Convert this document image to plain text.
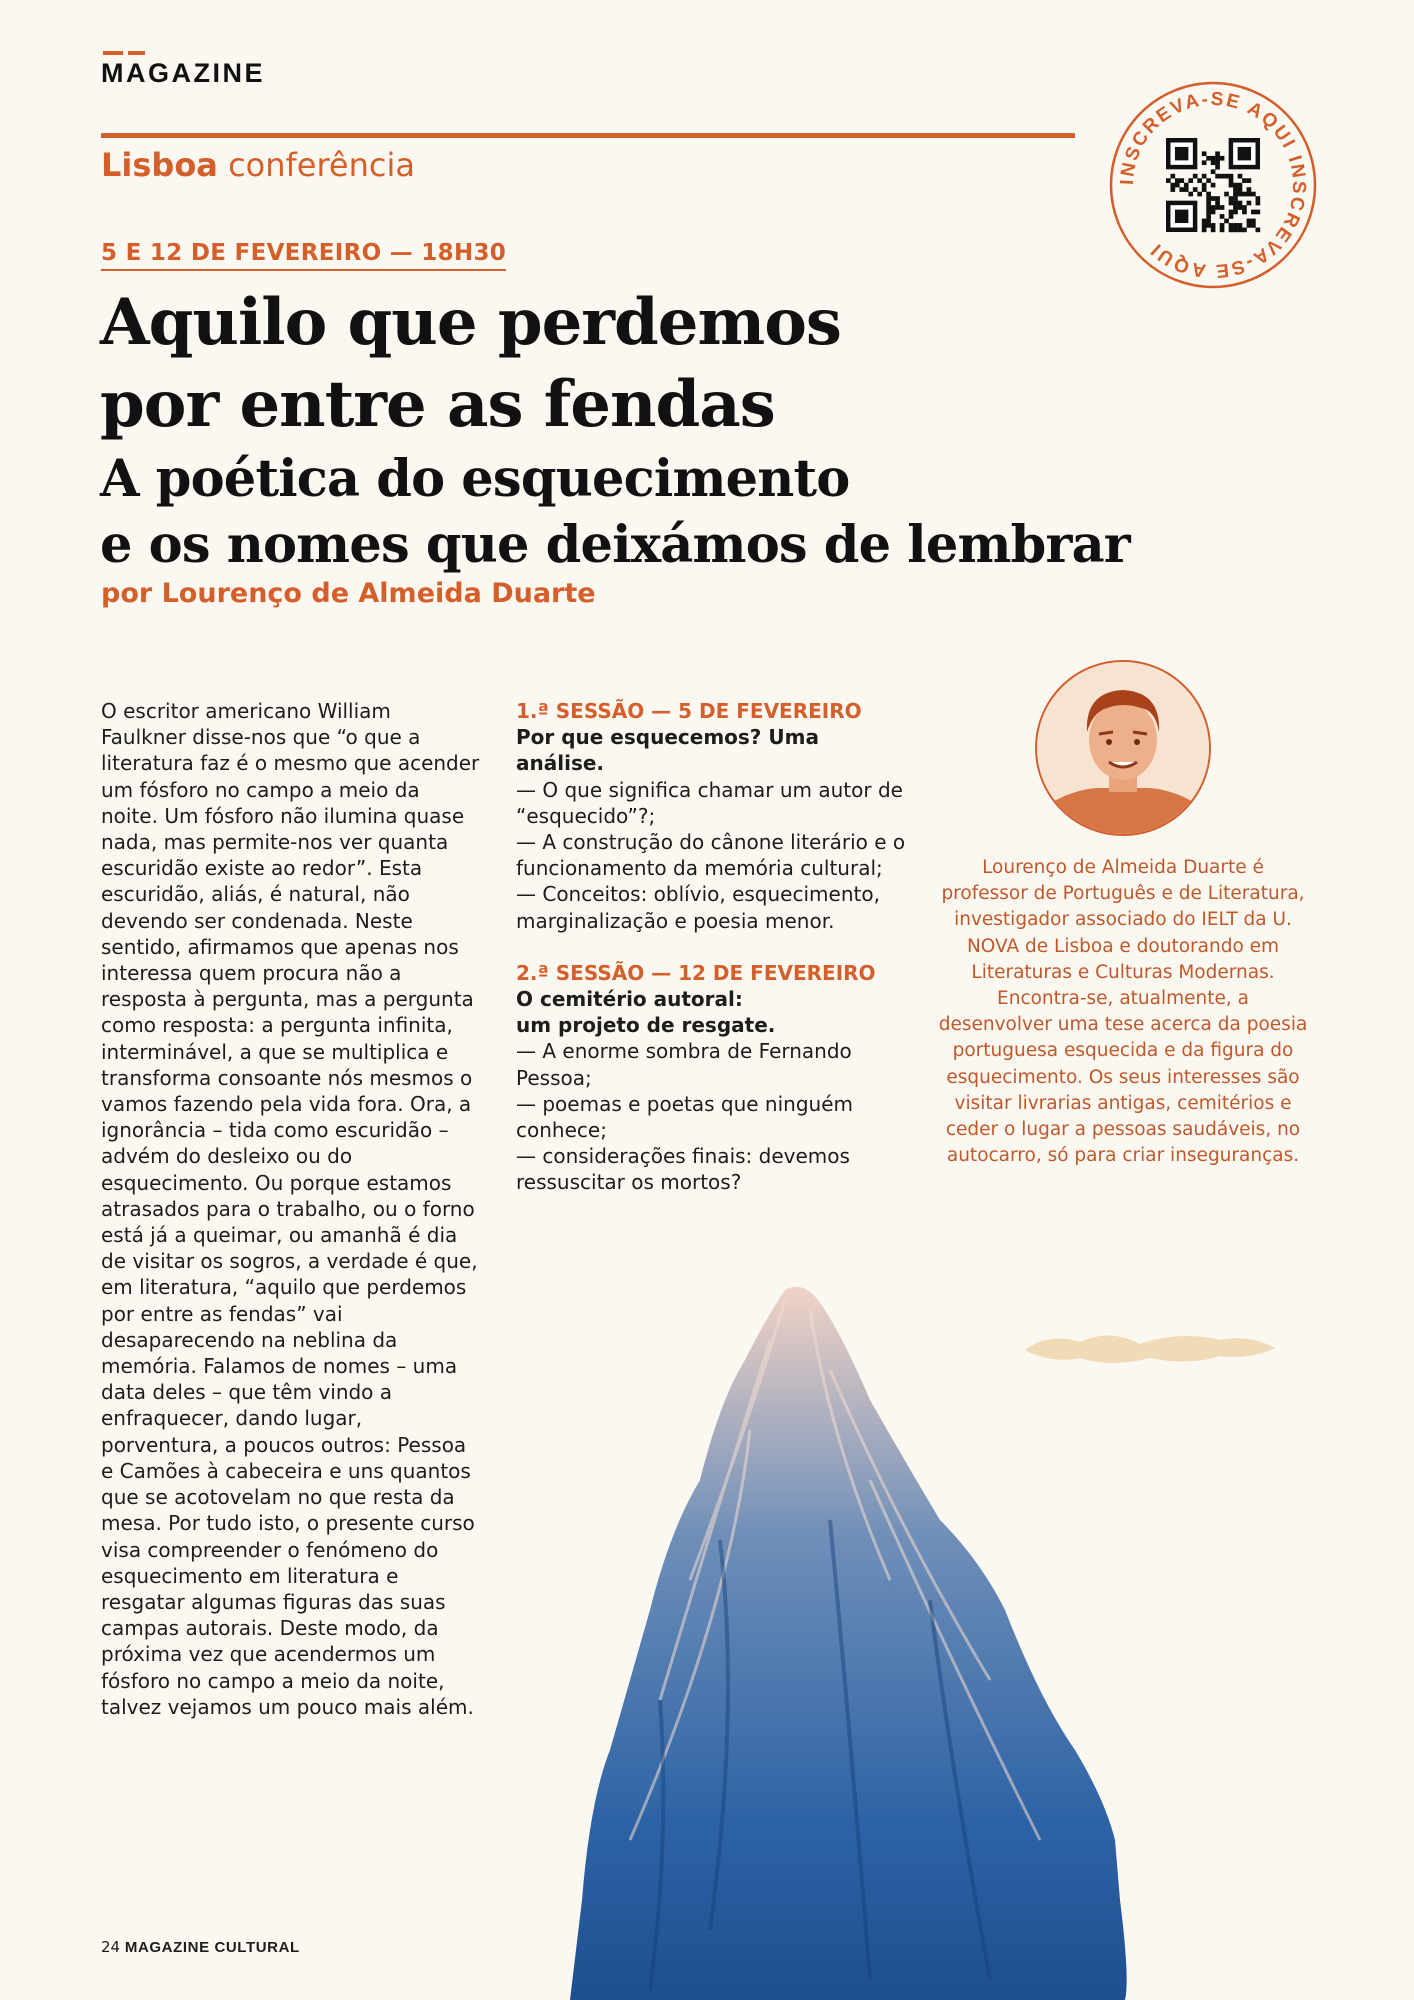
MAGAZINE
Lisboa conferência	INSCREVA-SE AQUI INSCREVA-SE AQUI
5 E 12 DE FEVEREIRO — 18H30
Aquilo que perdemos
por entre as fendas
A poética do esquecimento
e os nomes que deixámos de lembrar
por Lourenço de Almeida Duarte
O escritor americano William Faulkner disse-nos que “o que a literatura faz é o mesmo que acender um fósforo no campo a meio da noite. Um fósforo não ilumina quase nada, mas permite-nos ver quanta escuridão existe ao redor”. Esta escuridão, aliás, é natural, não devendo ser condenada. Neste sentido, afirmamos que apenas nos interessa quem procura não a resposta à pergunta, mas a pergunta como resposta: a pergunta infinita, interminável, a que se multiplica e transforma consoante nós mesmos o vamos fazendo pela vida fora. Ora, a ignorância – tida como escuridão – advém do desleixo ou do esquecimento. Ou porque estamos atrasados para o trabalho, ou o forno está já a queimar, ou amanhã é dia de visitar os sogros, a verdade é que, em literatura, “aquilo que perdemos por entre as fendas” vai desaparecendo na neblina da memória. Falamos de nomes – uma data deles – que têm vindo a enfraquecer, dando lugar, porventura, a poucos outros: Pessoa e Camões à cabeceira e uns quantos que se acotovelam no que resta da mesa. Por tudo isto, o presente curso visa compreender o fenómeno do esquecimento em literatura e resgatar algumas figuras das suas campas autorais. Deste modo, da próxima vez que acendermos um fósforo no campo a meio da noite, talvez vejamos um pouco mais além.
1.ª SESSÃO — 5 DE FEVEREIRO
Por que esquecemos? Uma análise.
— O que significa chamar um autor de “esquecido”?;
— A construção do cânone literário e o funcionamento da memória cultural;
— Conceitos: oblívio, esquecimento, marginalização e poesia menor.
2.ª SESSÃO — 12 DE FEVEREIRO
O cemitério autoral:
um projeto de resgate.
— A enorme sombra de Fernando Pessoa;
— poemas e poetas que ninguém conhece;
— considerações finais: devemos ressuscitar os mortos?
Lourenço de Almeida Duarte é professor de Português e de Literatura, investigador associado do IELT da U. NOVA de Lisboa e doutorando em Literaturas e Culturas Modernas. Encontra-se, atualmente, a desenvolver uma tese acerca da poesia portuguesa esquecida e da figura do esquecimento. Os seus interesses são visitar livrarias antigas, cemitérios e ceder o lugar a pessoas saudáveis, no autocarro, só para criar inseguranças.
24 MAGAZINE CULTURAL
